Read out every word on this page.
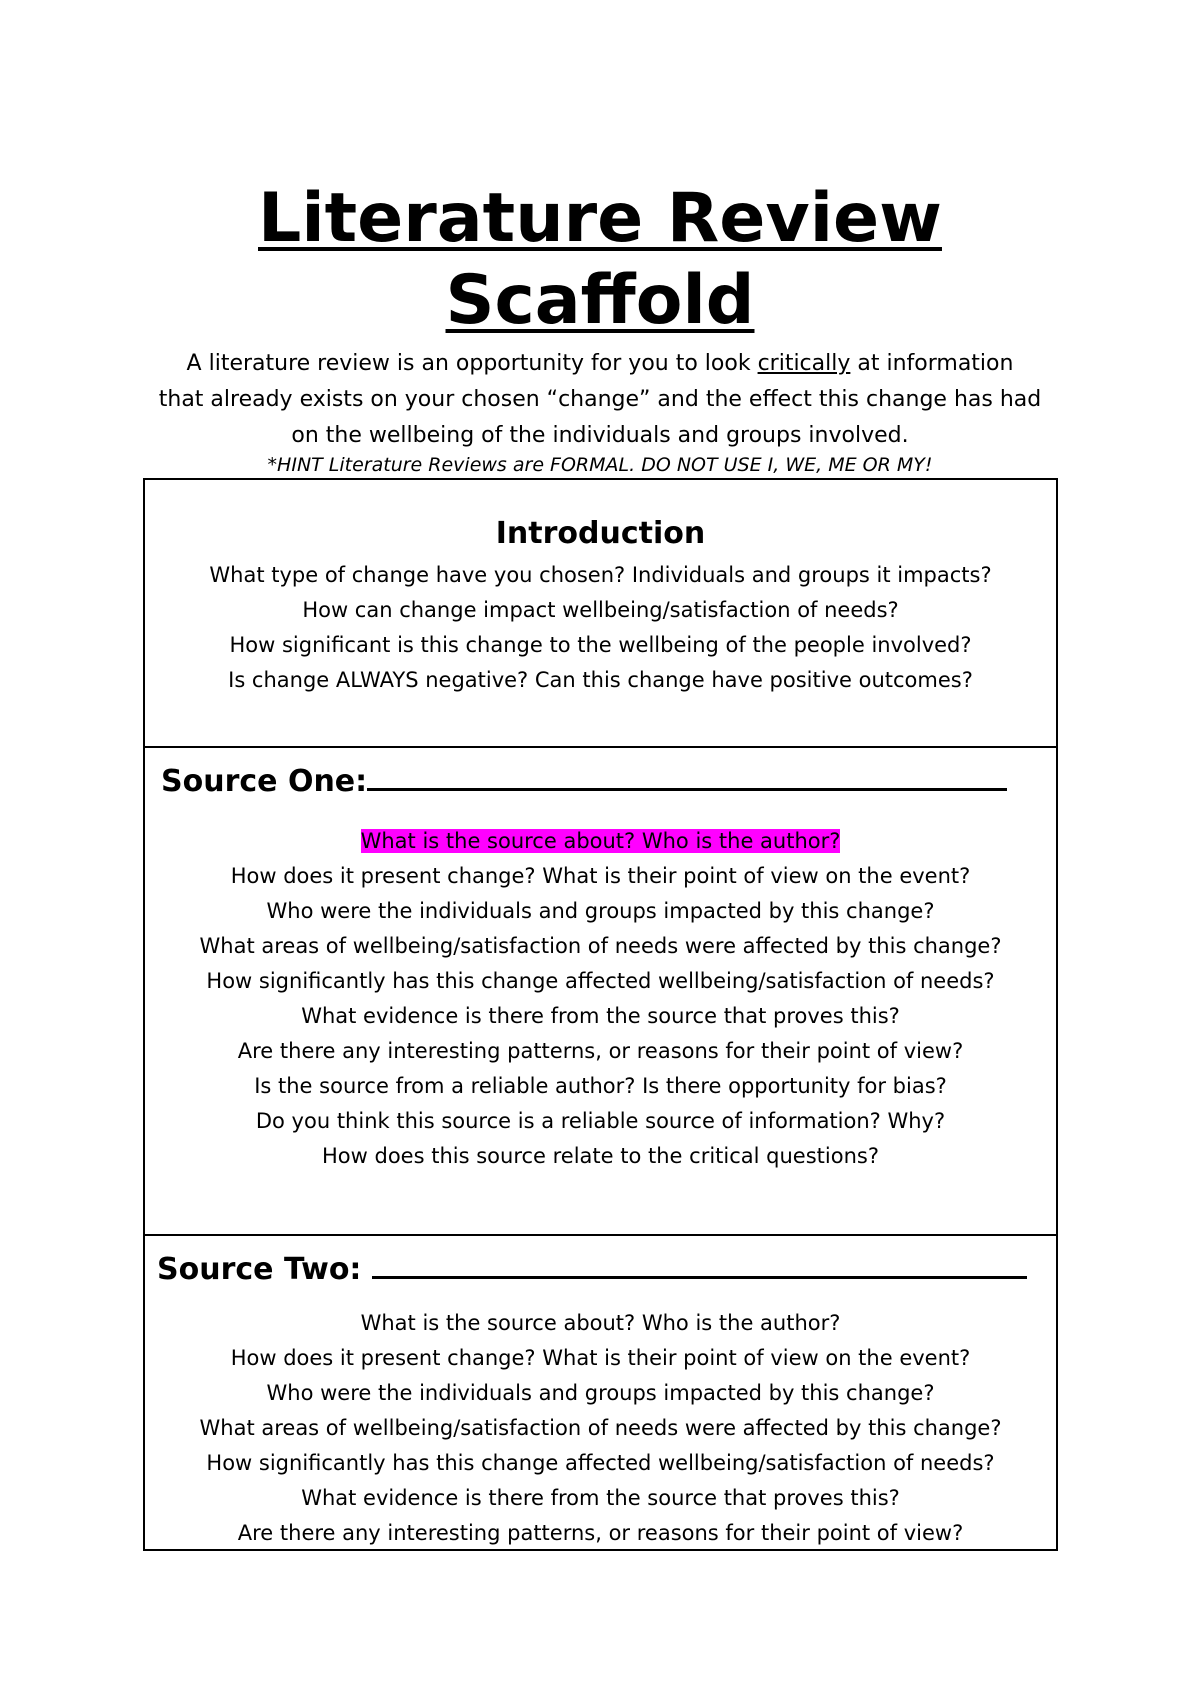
Literature Review
Scaffold
A literature review is an opportunity for you to look critically at information
that already exists on your chosen “change” and the effect this change has had
on the wellbeing of the individuals and groups involved.
*HINT Literature Reviews are FORMAL. DO NOT USE I, WE, ME OR MY!
Introduction
What type of change have you chosen? Individuals and groups it impacts?
How can change impact wellbeing/satisfaction of needs?
How significant is this change to the wellbeing of the people involved?
Is change ALWAYS negative? Can this change have positive outcomes?
Source One:
What is the source about? Who is the author?
How does it present change? What is their point of view on the event?
Who were the individuals and groups impacted by this change?
What areas of wellbeing/satisfaction of needs were affected by this change?
How significantly has this change affected wellbeing/satisfaction of needs?
What evidence is there from the source that proves this?
Are there any interesting patterns, or reasons for their point of view?
Is the source from a reliable author? Is there opportunity for bias?
Do you think this source is a reliable source of information? Why?
How does this source relate to the critical questions?
Source Two:
What is the source about? Who is the author?
How does it present change? What is their point of view on the event?
Who were the individuals and groups impacted by this change?
What areas of wellbeing/satisfaction of needs were affected by this change?
How significantly has this change affected wellbeing/satisfaction of needs?
What evidence is there from the source that proves this?
Are there any interesting patterns, or reasons for their point of view?
